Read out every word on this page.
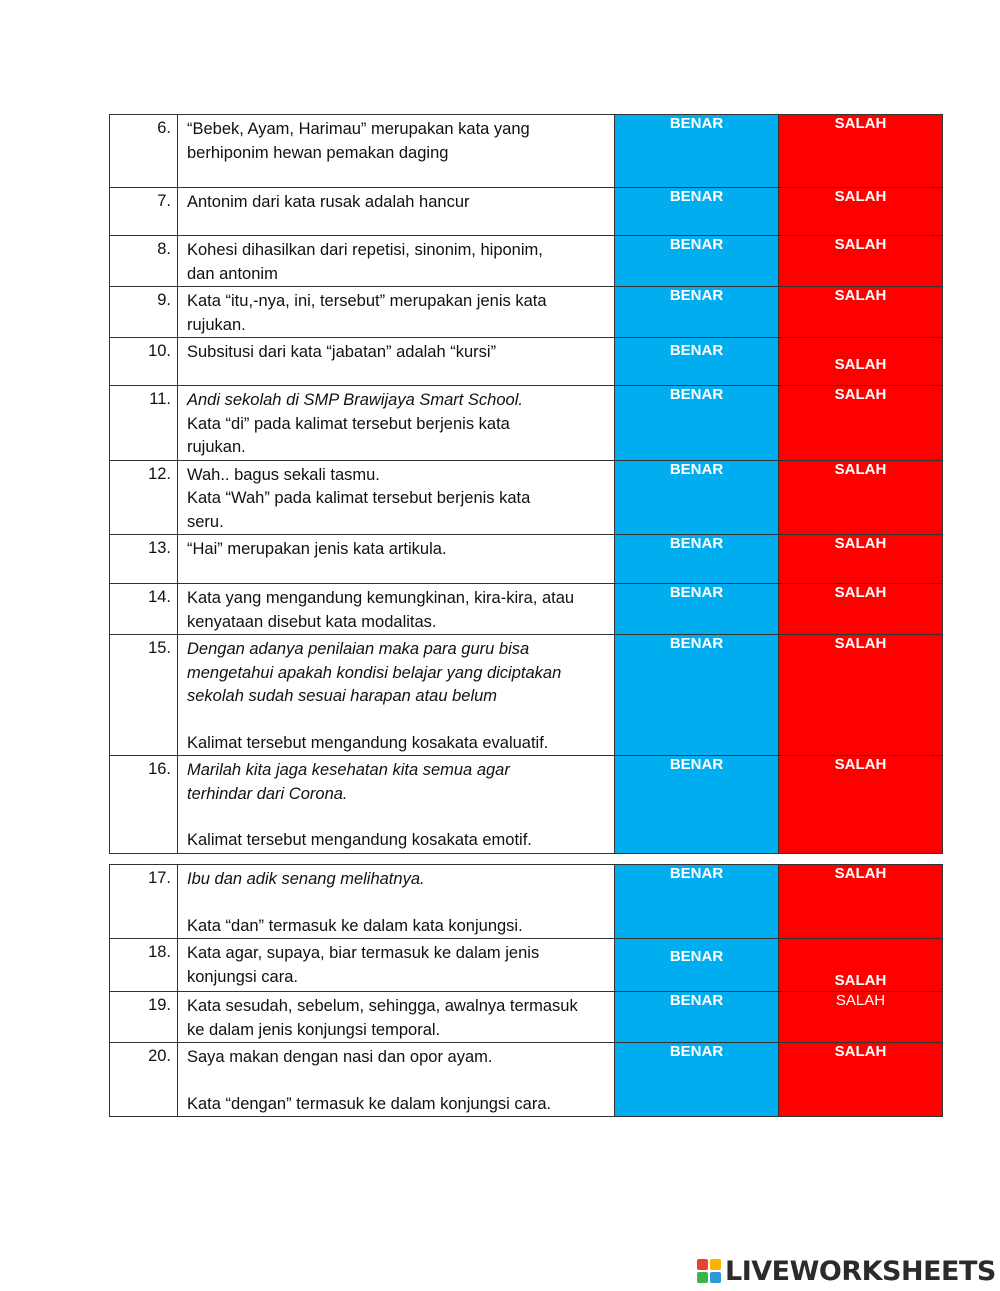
6.	“Bebek, Ayam, Harimau” merupakan kata yang
berhiponim hewan pemakan daging	BENAR	SALAH
7.	Antonim dari kata rusak adalah hancur	BENAR	SALAH
8.	Kohesi dihasilkan dari repetisi, sinonim, hiponim,
dan antonim	BENAR	SALAH
9.	Kata “itu,-nya, ini, tersebut” merupakan jenis kata
rujukan.	BENAR	SALAH
10.	Subsitusi dari kata “jabatan” adalah “kursi”	BENAR	SALAH
11.	Andi sekolah di SMP Brawijaya Smart School.
Kata “di” pada kalimat tersebut berjenis kata
rujukan.	BENAR	SALAH
12.	Wah.. bagus sekali tasmu.
Kata “Wah” pada kalimat tersebut berjenis kata
seru.	BENAR	SALAH
13.	“Hai” merupakan jenis kata artikula.	BENAR	SALAH
14.	Kata yang mengandung kemungkinan, kira-kira, atau
kenyataan disebut kata modalitas.	BENAR	SALAH
15.	Dengan adanya penilaian maka para guru bisa
mengetahui apakah kondisi belajar yang diciptakan
sekolah sudah sesuai harapan atau belum
Kalimat tersebut mengandung kosakata evaluatif.	BENAR	SALAH
16.	Marilah kita jaga kesehatan kita semua agar
terhindar dari Corona.
Kalimat tersebut mengandung kosakata emotif.	BENAR	SALAH
17.	Ibu dan adik senang melihatnya.
Kata “dan” termasuk ke dalam kata konjungsi.	BENAR	SALAH
18.	Kata agar, supaya, biar termasuk ke dalam jenis
konjungsi cara.	BENAR	SALAH
19.	Kata sesudah, sebelum, sehingga, awalnya termasuk
ke dalam jenis konjungsi temporal.	BENAR	SALAH
20.	Saya makan dengan nasi dan opor ayam.
Kata “dengan” termasuk ke dalam konjungsi cara.	BENAR	SALAH
LIVEWORKSHEETS
